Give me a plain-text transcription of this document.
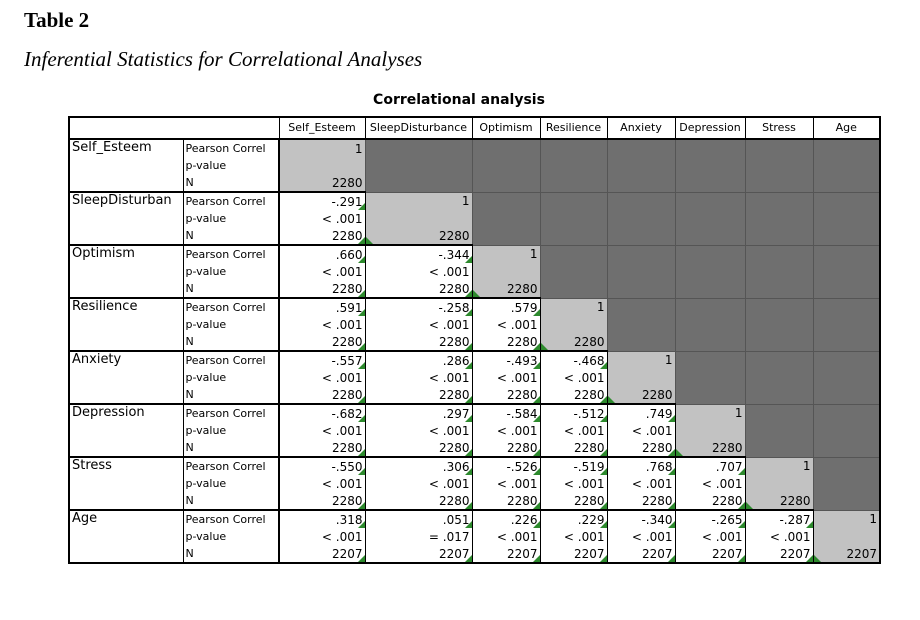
Table 2
Inferential Statistics for Correlational Analyses
Correlational analysis
		Self_Esteem	SleepDisturbance	Optimism	Resilience	Anxiety	Depression	Stress	Age
Self_Esteem	Pearson Correl	1							
	p-value								
	N	2280							
SleepDisturban	Pearson Correl	-.291	1						
	p-value	< .001							
	N	2280	2280						
Optimism	Pearson Correl	.660	-.344	1					
	p-value	< .001	< .001						
	N	2280	2280	2280					
Resilience	Pearson Correl	.591	-.258	.579	1				
	p-value	< .001	< .001	< .001					
	N	2280	2280	2280	2280				
Anxiety	Pearson Correl	-.557	.286	-.493	-.468	1			
	p-value	< .001	< .001	< .001	< .001				
	N	2280	2280	2280	2280	2280			
Depression	Pearson Correl	-.682	.297	-.584	-.512	.749	1		
	p-value	< .001	< .001	< .001	< .001	< .001			
	N	2280	2280	2280	2280	2280	2280		
Stress	Pearson Correl	-.550	.306	-.526	-.519	.768	.707	1	
	p-value	< .001	< .001	< .001	< .001	< .001	< .001		
	N	2280	2280	2280	2280	2280	2280	2280	
Age	Pearson Correl	.318	.051	.226	.229	-.340	-.265	-.287	1
	p-value	< .001	= .017	< .001	< .001	< .001	< .001	< .001	
	N	2207	2207	2207	2207	2207	2207	2207	2207
